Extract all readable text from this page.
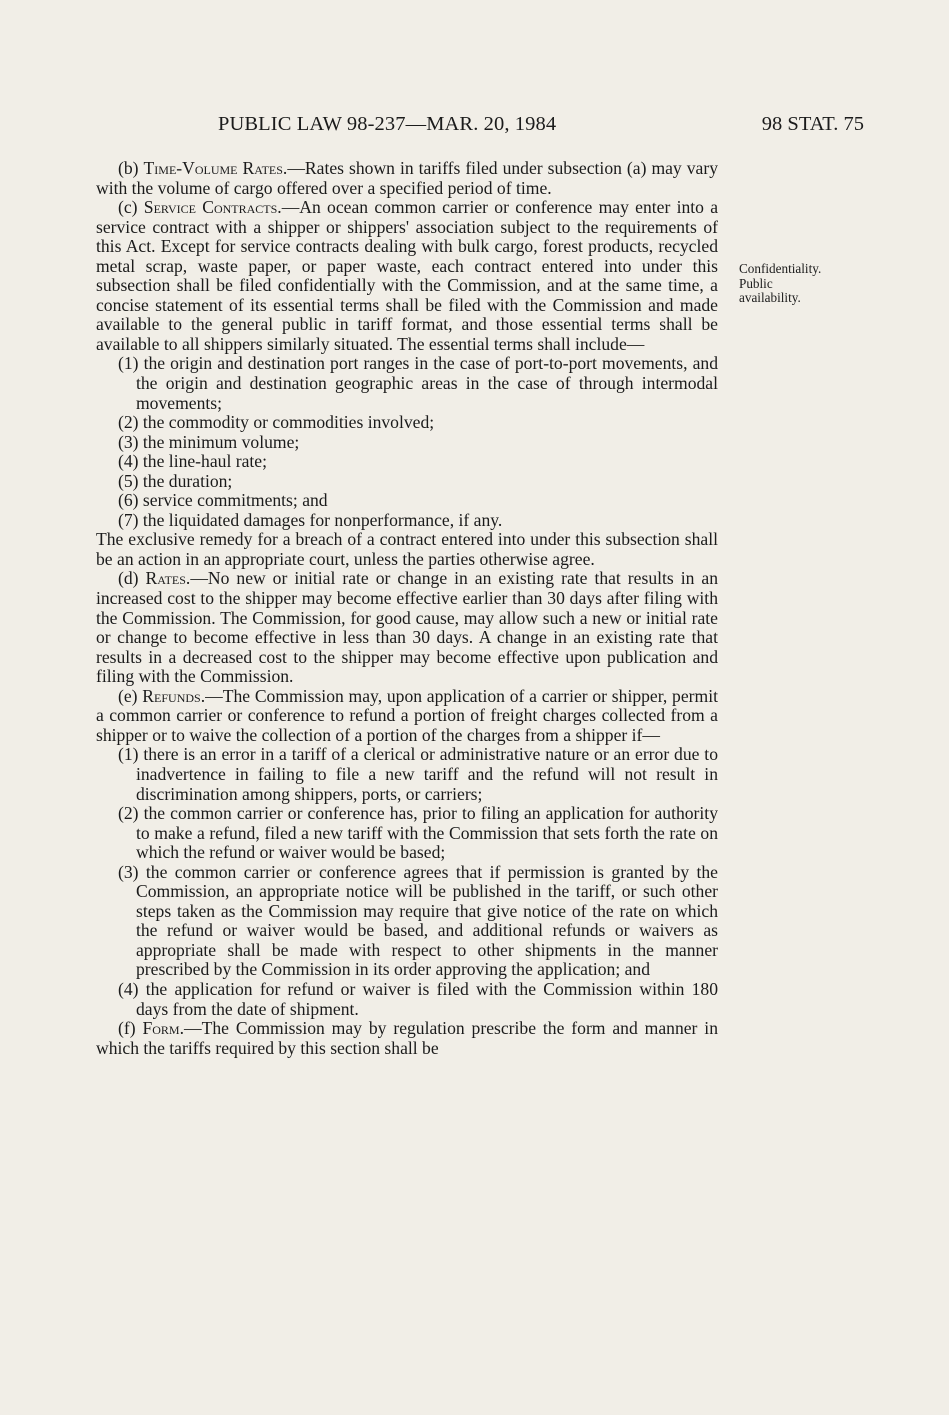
PUBLIC LAW 98-237—MAR. 20, 1984	98 STAT. 75

(b) Time-Volume Rates.—Rates shown in tariffs filed under subsection (a) may vary with the volume of cargo offered over a specified period of time.

(c) Service Contracts.—An ocean common carrier or conference may enter into a service contract with a shipper or shippers' association subject to the requirements of this Act. Except for service contracts dealing with bulk cargo, forest products, recycled metal scrap, waste paper, or paper waste, each contract entered into under this subsection shall be filed confidentially with the Commission, and at the same time, a concise statement of its essential terms shall be filed with the Commission and made available to the general public in tariff format, and those essential terms shall be available to all shippers similarly situated. The essential terms shall include—

(1) the origin and destination port ranges in the case of port-to-port movements, and the origin and destination geographic areas in the case of through intermodal movements;

(2) the commodity or commodities involved;

(3) the minimum volume;

(4) the line-haul rate;

(5) the duration;

(6) service commitments; and

(7) the liquidated damages for nonperformance, if any.

The exclusive remedy for a breach of a contract entered into under this subsection shall be an action in an appropriate court, unless the parties otherwise agree.

(d) Rates.—No new or initial rate or change in an existing rate that results in an increased cost to the shipper may become effective earlier than 30 days after filing with the Commission. The Commission, for good cause, may allow such a new or initial rate or change to become effective in less than 30 days. A change in an existing rate that results in a decreased cost to the shipper may become effective upon publication and filing with the Commission.

(e) Refunds.—The Commission may, upon application of a carrier or shipper, permit a common carrier or conference to refund a portion of freight charges collected from a shipper or to waive the collection of a portion of the charges from a shipper if—

(1) there is an error in a tariff of a clerical or administrative nature or an error due to inadvertence in failing to file a new tariff and the refund will not result in discrimination among shippers, ports, or carriers;

(2) the common carrier or conference has, prior to filing an application for authority to make a refund, filed a new tariff with the Commission that sets forth the rate on which the refund or waiver would be based;

(3) the common carrier or conference agrees that if permission is granted by the Commission, an appropriate notice will be published in the tariff, or such other steps taken as the Commission may require that give notice of the rate on which the refund or waiver would be based, and additional refunds or waivers as appropriate shall be made with respect to other shipments in the manner prescribed by the Commission in its order approving the application; and

(4) the application for refund or waiver is filed with the Commission within 180 days from the date of shipment.

(f) Form.—The Commission may by regulation prescribe the form and manner in which the tariffs required by this section shall be

Confidentiality.
Public
availability.
